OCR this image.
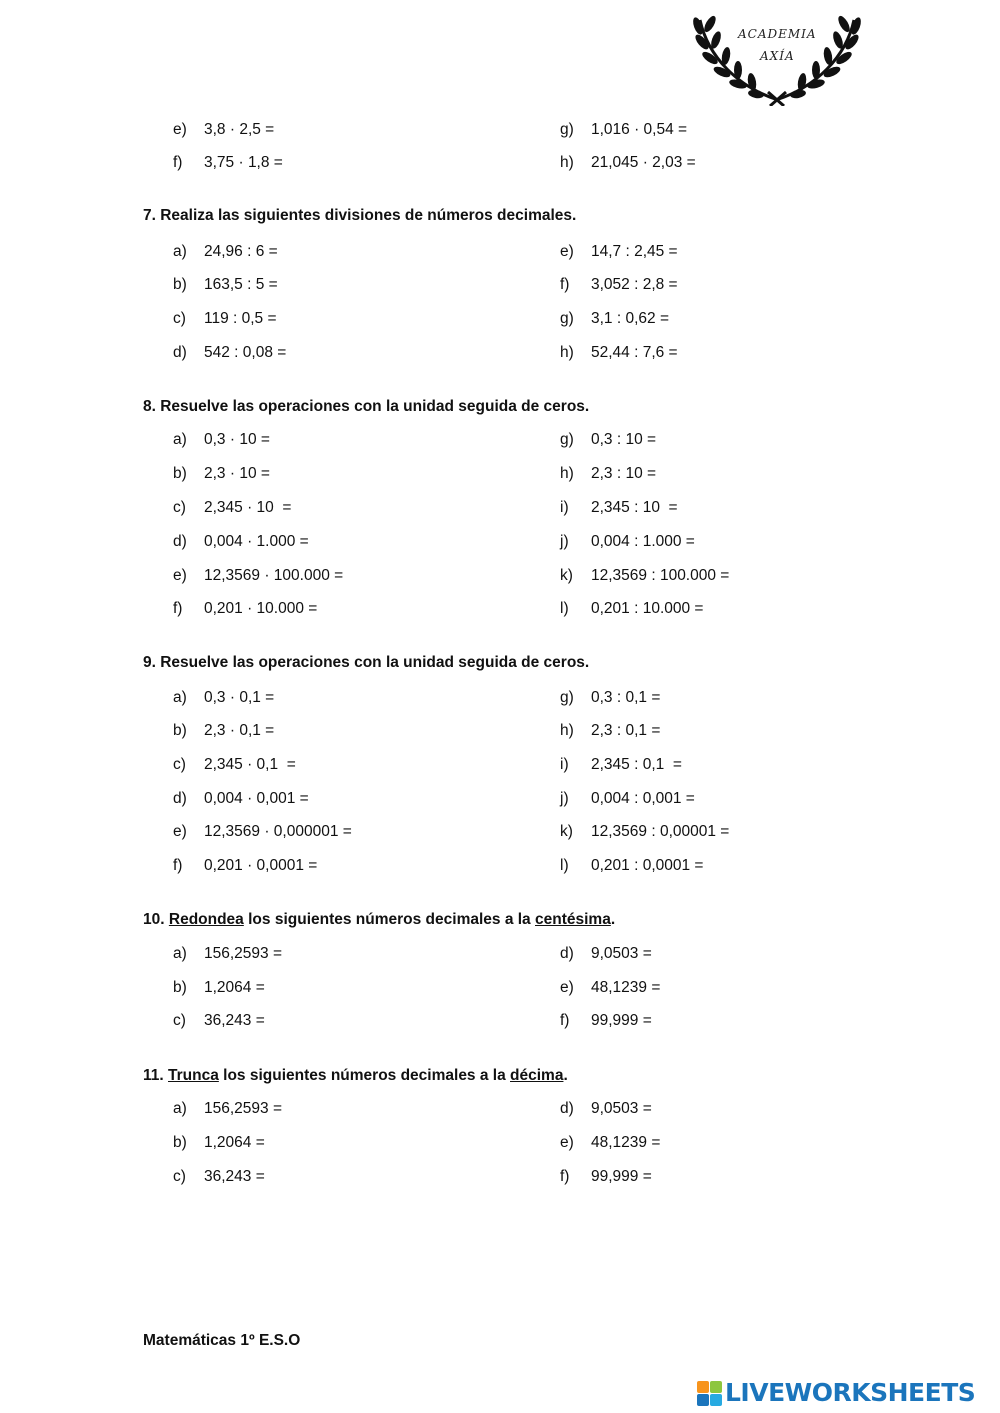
ACADEMIA
AXÍA
e) 3,8 · 2,5 =	g) 1,016 · 0,54 =
f) 3,75 · 1,8 =	h) 21,045 · 2,03 =
7. Realiza las siguientes divisiones de números decimales.
a) 24,96 : 6 =	e) 14,7 : 2,45 =
b) 163,5 : 5 =	f) 3,052 : 2,8 =
c) 119 : 0,5 =	g) 3,1 : 0,62 =
d) 542 : 0,08 =	h) 52,44 : 7,6 =
8. Resuelve las operaciones con la unidad seguida de ceros.
a) 0,3 · 10 =	g) 0,3 : 10 =
b) 2,3 · 10 =	h) 2,3 : 10 =
c) 2,345 · 10  =	i) 2,345 : 10  =
d) 0,004 · 1.000 =	j) 0,004 : 1.000 =
e) 12,3569 · 100.000 =	k) 12,3569 : 100.000 =
f) 0,201 · 10.000 =	l) 0,201 : 10.000 =
9. Resuelve las operaciones con la unidad seguida de ceros.
a) 0,3 · 0,1 =	g) 0,3 : 0,1 =
b) 2,3 · 0,1 =	h) 2,3 : 0,1 =
c) 2,345 · 0,1  =	i) 2,345 : 0,1  =
d) 0,004 · 0,001 =	j) 0,004 : 0,001 =
e) 12,3569 · 0,000001 =	k) 12,3569 : 0,00001 =
f) 0,201 · 0,0001 =	l) 0,201 : 0,0001 =
10. Redondea los siguientes números decimales a la centésima.
a) 156,2593 =	d) 9,0503 =
b) 1,2064 =	e) 48,1239 =
c) 36,243 =	f) 99,999 =
11. Trunca los siguientes números decimales a la décima.
a) 156,2593 =	d) 9,0503 =
b) 1,2064 =	e) 48,1239 =
c) 36,243 =	f) 99,999 =
Matemáticas 1º E.S.O
LIVEWORKSHEETS
